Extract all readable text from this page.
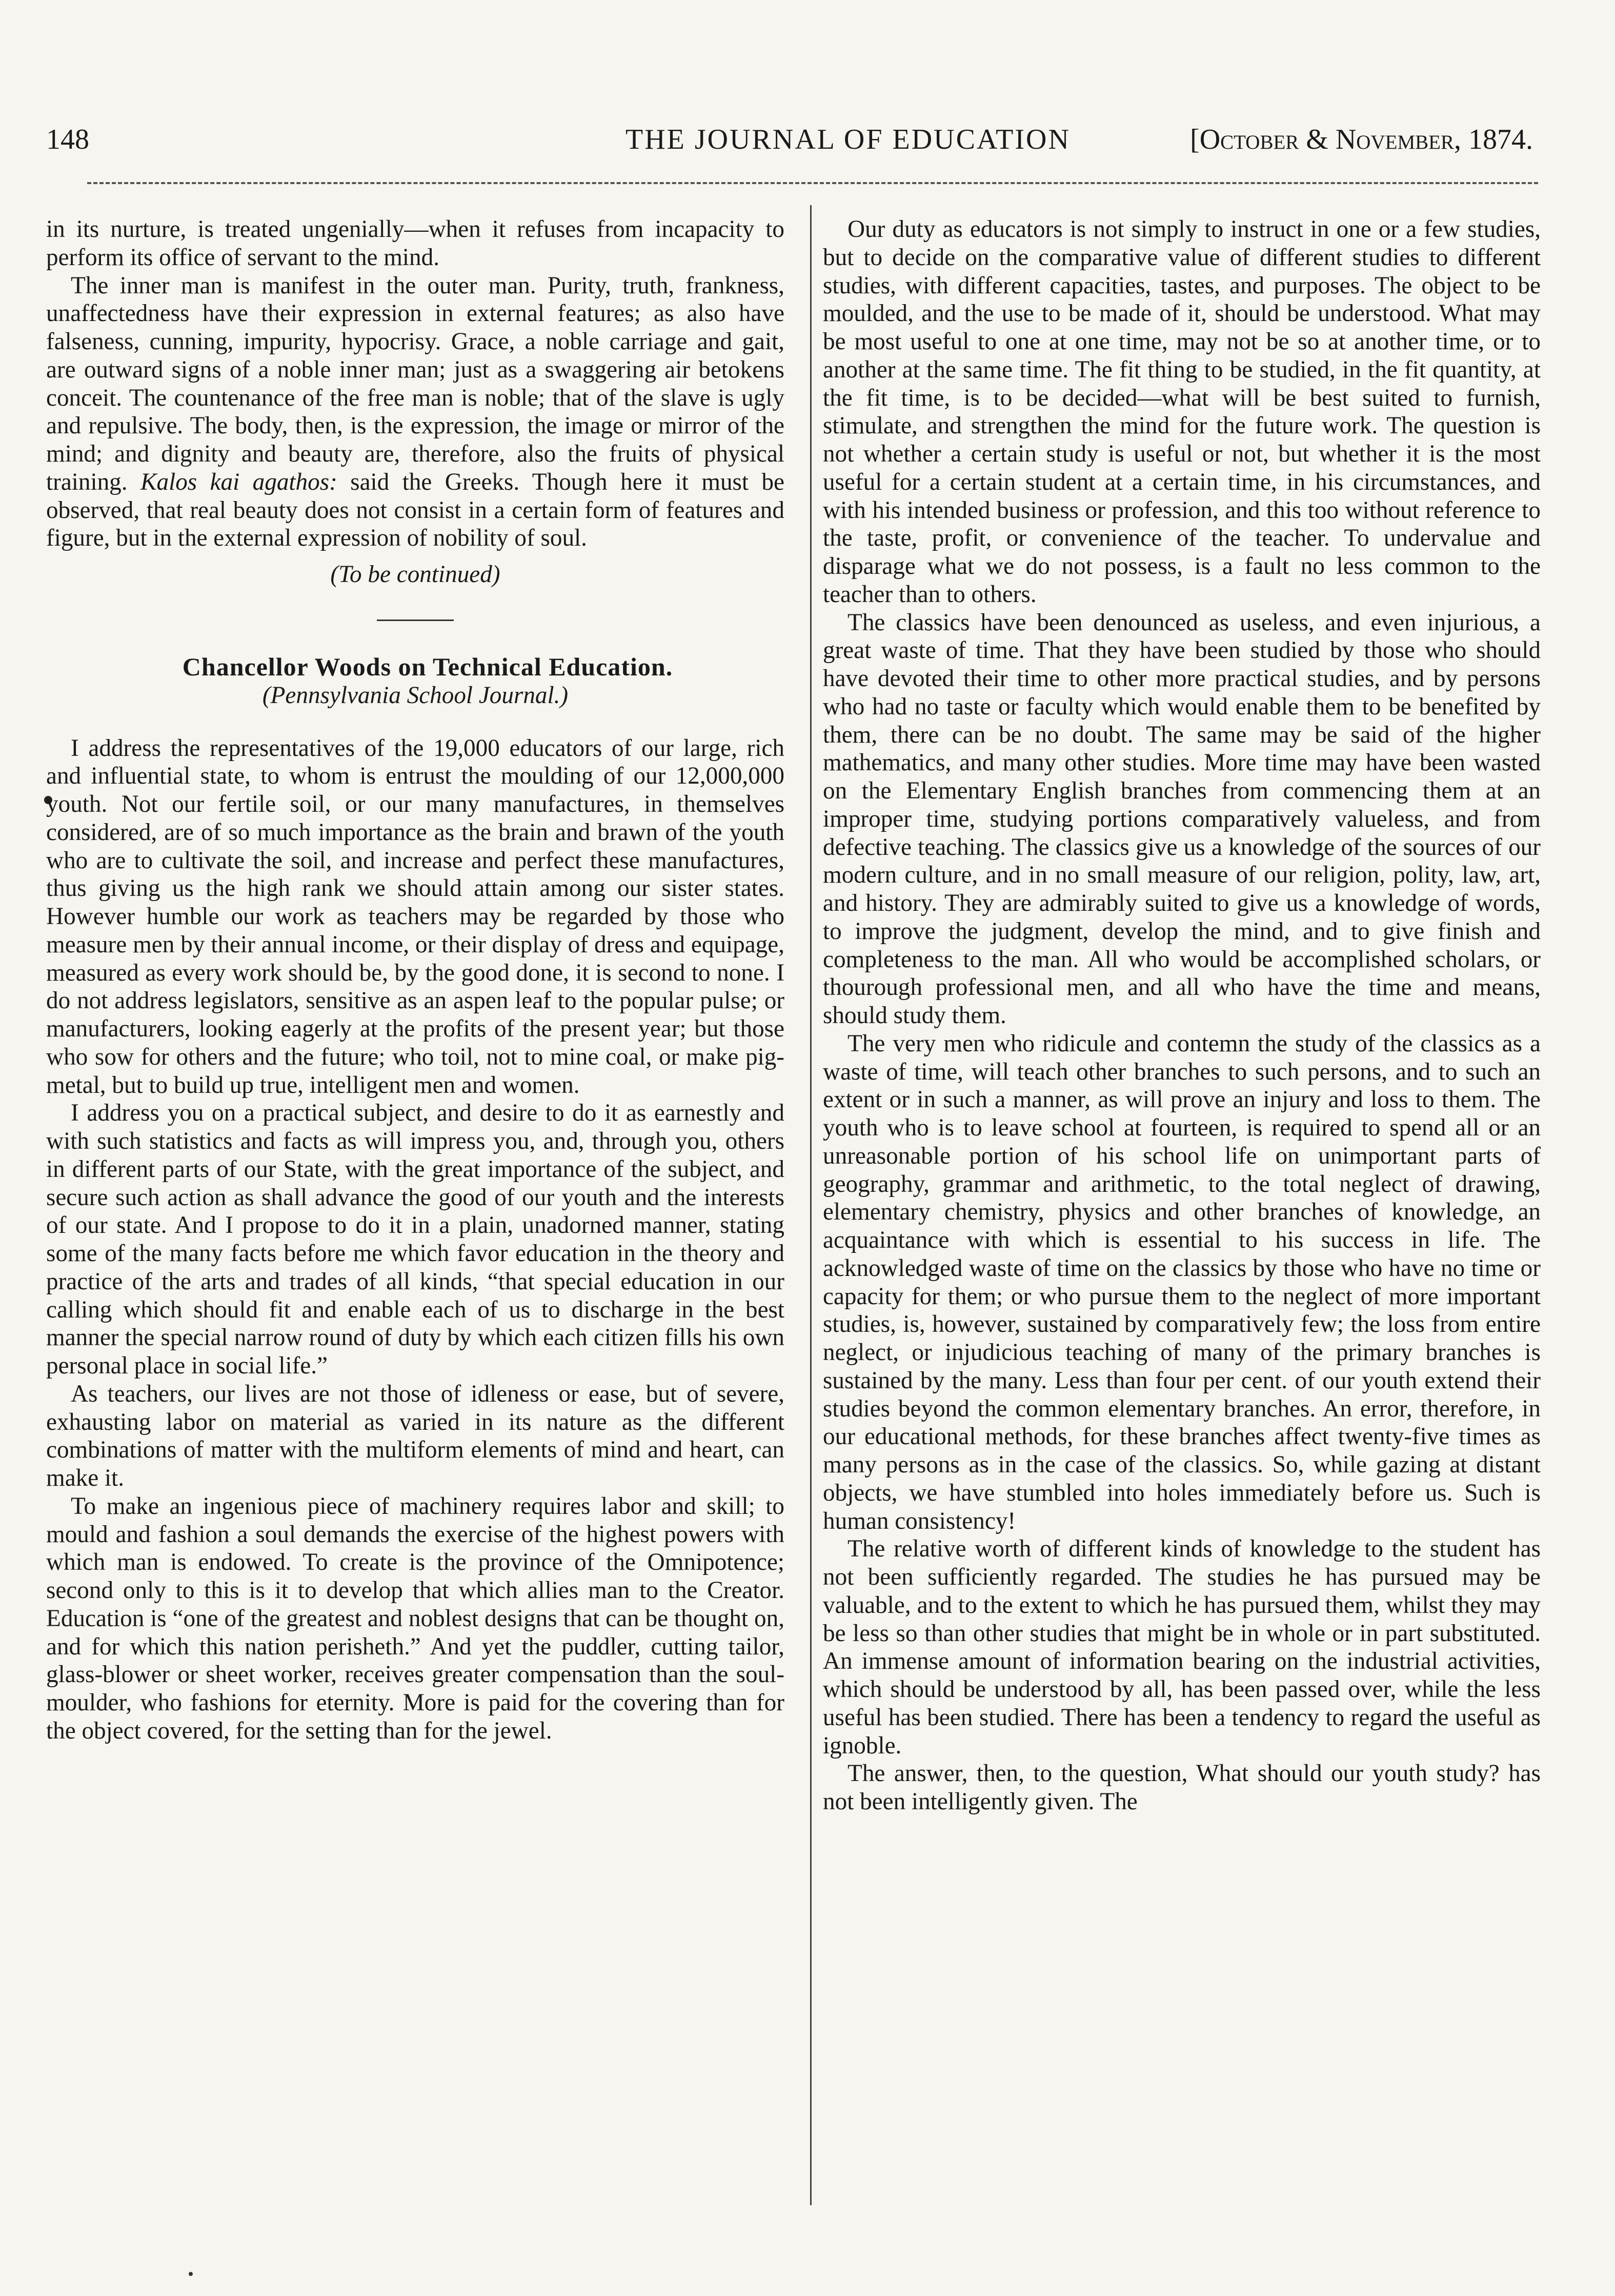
148	THE JOURNAL OF EDUCATION	[October & November, 1874.

in its nurture, is treated ungenially—when it refuses from incapacity to perform its office of servant to the mind.

The inner man is manifest in the outer man. Purity, truth, frankness, unaffectedness have their expression in external features; as also have falseness, cunning, impurity, hypocrisy. Grace, a noble carriage and gait, are outward signs of a noble inner man; just as a swaggering air betokens conceit. The countenance of the free man is noble; that of the slave is ugly and repulsive. The body, then, is the expression, the image or mirror of the mind; and dignity and beauty are, therefore, also the fruits of physical training. Kalos kai agathos: said the Greeks. Though here it must be observed, that real beauty does not consist in a certain form of features and figure, but in the external expression of nobility of soul.

(To be continued)

Chancellor Woods on Technical Education.

(Pennsylvania School Journal.)

I address the representatives of the 19,000 educators of our large, rich and influential state, to whom is entrust the moulding of our 12,000,000 youth. Not our fertile soil, or our many manufactures, in themselves considered, are of so much importance as the brain and brawn of the youth who are to cultivate the soil, and increase and perfect these manufactures, thus giving us the high rank we should attain among our sister states. However humble our work as teachers may be regarded by those who measure men by their annual income, or their display of dress and equipage, measured as every work should be, by the good done, it is second to none. I do not address legislators, sensitive as an aspen leaf to the popular pulse; or manufacturers, looking eagerly at the profits of the present year; but those who sow for others and the future; who toil, not to mine coal, or make pig-metal, but to build up true, intelligent men and women.

I address you on a practical subject, and desire to do it as earnestly and with such statistics and facts as will impress you, and, through you, others in different parts of our State, with the great importance of the subject, and secure such action as shall advance the good of our youth and the interests of our state. And I propose to do it in a plain, unadorned manner, stating some of the many facts before me which favor education in the theory and practice of the arts and trades of all kinds, “that special education in our calling which should fit and enable each of us to discharge in the best manner the special narrow round of duty by which each citizen fills his own personal place in social life.”

As teachers, our lives are not those of idleness or ease, but of severe, exhausting labor on material as varied in its nature as the different combinations of matter with the multiform elements of mind and heart, can make it.

To make an ingenious piece of machinery requires labor and skill; to mould and fashion a soul demands the exercise of the highest powers with which man is endowed. To create is the province of the Omnipotence; second only to this is it to develop that which allies man to the Creator. Education is “one of the greatest and noblest designs that can be thought on, and for which this nation perisheth.” And yet the puddler, cutting tailor, glass-blower or sheet worker, receives greater compensation than the soul-moulder, who fashions for eternity. More is paid for the covering than for the object covered, for the setting than for the jewel.

Our duty as educators is not simply to instruct in one or a few studies, but to decide on the comparative value of different studies to different studies, with different capacities, tastes, and purposes. The object to be moulded, and the use to be made of it, should be understood. What may be most useful to one at one time, may not be so at another time, or to another at the same time. The fit thing to be studied, in the fit quantity, at the fit time, is to be decided—what will be best suited to furnish, stimulate, and strengthen the mind for the future work. The question is not whether a certain study is useful or not, but whether it is the most useful for a certain student at a certain time, in his circumstances, and with his intended business or profession, and this too without reference to the taste, profit, or convenience of the teacher. To undervalue and disparage what we do not possess, is a fault no less common to the teacher than to others.

The classics have been denounced as useless, and even injurious, a great waste of time. That they have been studied by those who should have devoted their time to other more practical studies, and by persons who had no taste or faculty which would enable them to be benefited by them, there can be no doubt. The same may be said of the higher mathematics, and many other studies. More time may have been wasted on the Elementary English branches from commencing them at an improper time, studying portions comparatively valueless, and from defective teaching. The classics give us a knowledge of the sources of our modern culture, and in no small measure of our religion, polity, law, art, and history. They are admirably suited to give us a knowledge of words, to improve the judgment, develop the mind, and to give finish and completeness to the man. All who would be accomplished scholars, or thourough professional men, and all who have the time and means, should study them.

The very men who ridicule and contemn the study of the classics as a waste of time, will teach other branches to such persons, and to such an extent or in such a manner, as will prove an injury and loss to them. The youth who is to leave school at fourteen, is required to spend all or an unreasonable portion of his school life on unimportant parts of geography, grammar and arithmetic, to the total neglect of drawing, elementary chemistry, physics and other branches of knowledge, an acquaintance with which is essential to his success in life. The acknowledged waste of time on the classics by those who have no time or capacity for them; or who pursue them to the neglect of more important studies, is, however, sustained by comparatively few; the loss from entire neglect, or injudicious teaching of many of the primary branches is sustained by the many. Less than four per cent. of our youth extend their studies beyond the common elementary branches. An error, therefore, in our educational methods, for these branches affect twenty-five times as many persons as in the case of the classics. So, while gazing at distant objects, we have stumbled into holes immediately before us. Such is human consistency!

The relative worth of different kinds of knowledge to the student has not been sufficiently regarded. The studies he has pursued may be valuable, and to the extent to which he has pursued them, whilst they may be less so than other studies that might be in whole or in part substituted. An immense amount of information bearing on the industrial activities, which should be understood by all, has been passed over, while the less useful has been studied. There has been a tendency to regard the useful as ignoble.

The answer, then, to the question, What should our youth study? has not been intelligently given. The
